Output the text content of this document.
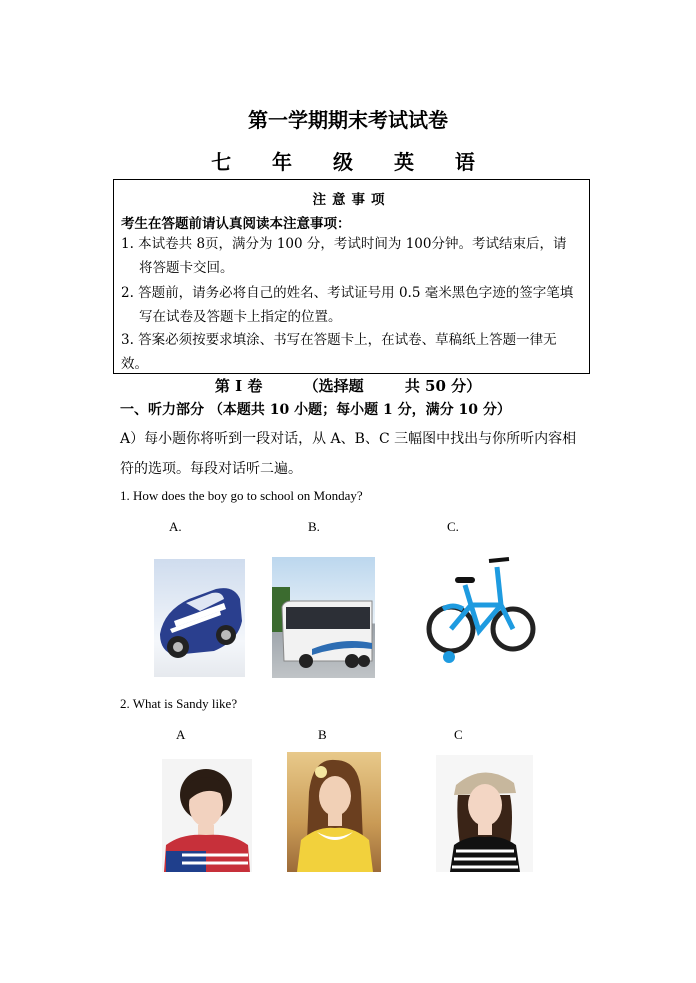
第一学期期末考试试卷
七 年 级 英 语
注意事项
考生在答题前请认真阅读本注意事项：
1. 本试卷共 8页，满分为 100 分，考试时间为 100分钟。考试结束后，请
将答题卡交回。
2. 答题前，请务必将自己的姓名、考试证号用 0.5 毫米黑色字迹的签字笔填
写在试卷及答题卡上指定的位置。
3. 答案必须按要求填涂、书写在答题卡上，在试卷、草稿纸上答题一律无
效。
第 I 卷	（选择题	共 50 分）
一、听力部分 （本题共 10 小题；每小题 1 分，满分 10 分）
A）每小题你将听到一段对话，从 A、B、C 三幅图中找出与你所听内容相符的选项。每段对话听二遍。
1. How does the boy go to school on Monday?
A.	B.	C.
2. What is Sandy like?
A	B	C
